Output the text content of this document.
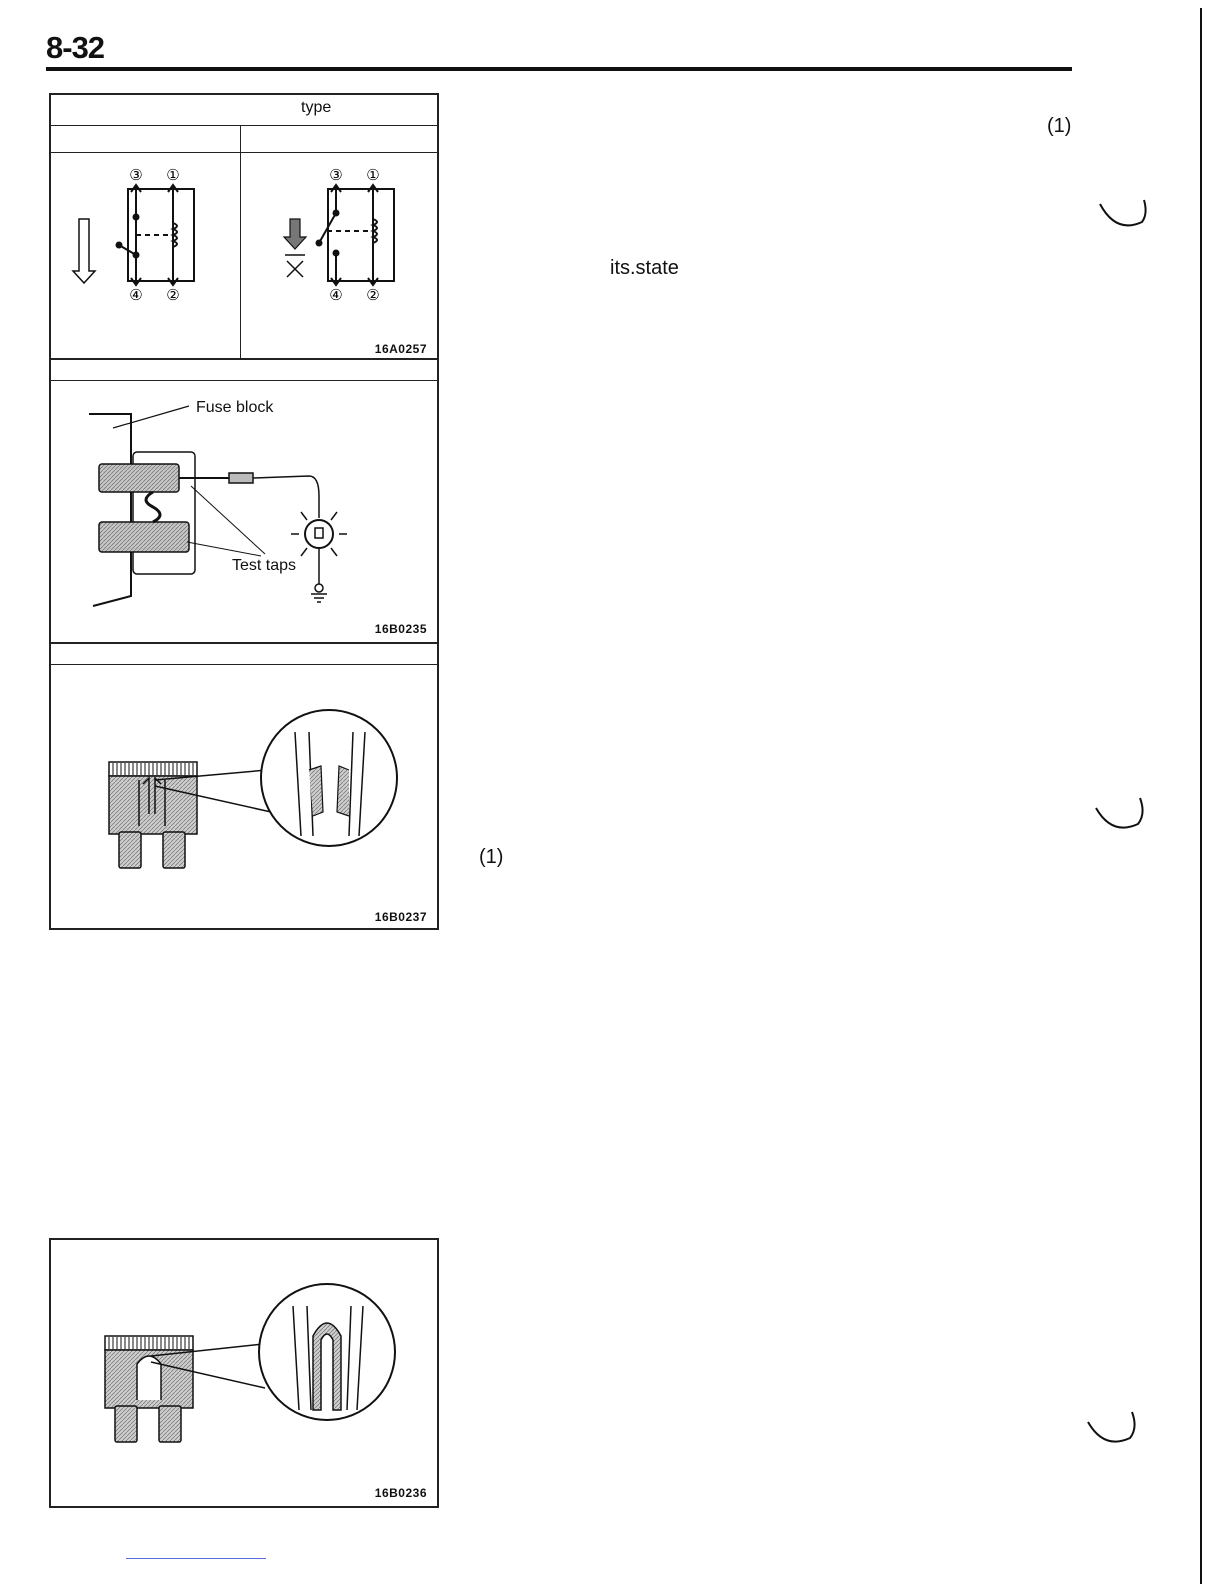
8-32
type
③ ①
④ ②
③ ①
④ ②
16A0257
Fuse block
Test taps
16B0235
16B0237
16B0236
(1)
its.state
(1)
